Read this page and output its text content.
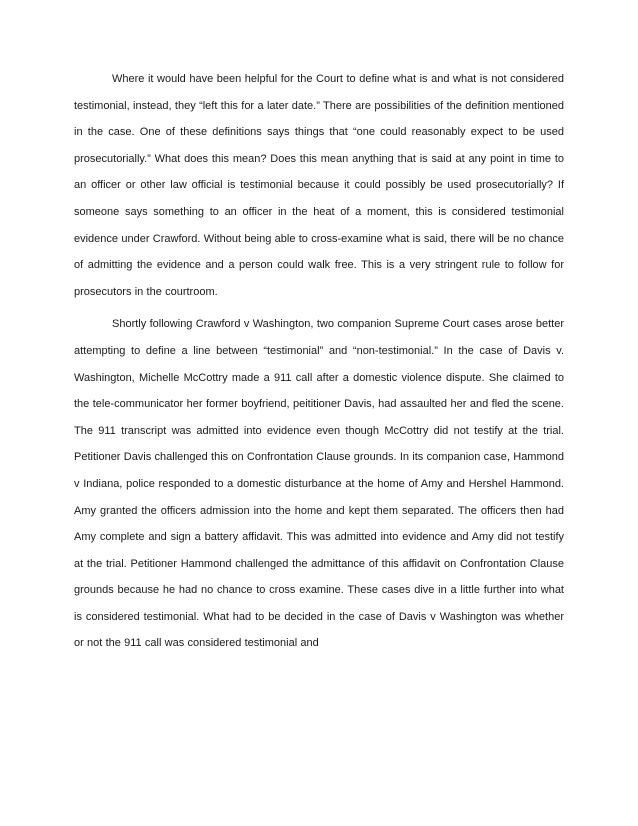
Where it would have been helpful for the Court to define what is and what is not considered testimonial, instead, they “left this for a later date.” There are possibilities of the definition mentioned in the case. One of these definitions says things that “one could reasonably expect to be used prosecutorially.” What does this mean? Does this mean anything that is said at any point in time to an officer or other law official is testimonial because it could possibly be used prosecutorially? If someone says something to an officer in the heat of a moment, this is considered testimonial evidence under Crawford. Without being able to cross-examine what is said, there will be no chance of admitting the evidence and a person could walk free. This is a very stringent rule to follow for prosecutors in the courtroom.

Shortly following Crawford v Washington, two companion Supreme Court cases arose better attempting to define a line between “testimonial” and “non-testimonial.” In the case of Davis v. Washington, Michelle McCottry made a 911 call after a domestic violence dispute. She claimed to the tele-communicator her former boyfriend, peititioner Davis, had assaulted her and fled the scene. The 911 transcript was admitted into evidence even though McCottry did not testify at the trial. Petitioner Davis challenged this on Confrontation Clause grounds. In its companion case, Hammond v Indiana, police responded to a domestic disturbance at the home of Amy and Hershel Hammond. Amy granted the officers admission into the home and kept them separated. The officers then had Amy complete and sign a battery affidavit. This was admitted into evidence and Amy did not testify at the trial. Petitioner Hammond challenged the admittance of this affidavit on Confrontation Clause grounds because he had no chance to cross examine. These cases dive in a little further into what is considered testimonial. What had to be decided in the case of Davis v Washington was whether or not the 911 call was considered testimonial and
